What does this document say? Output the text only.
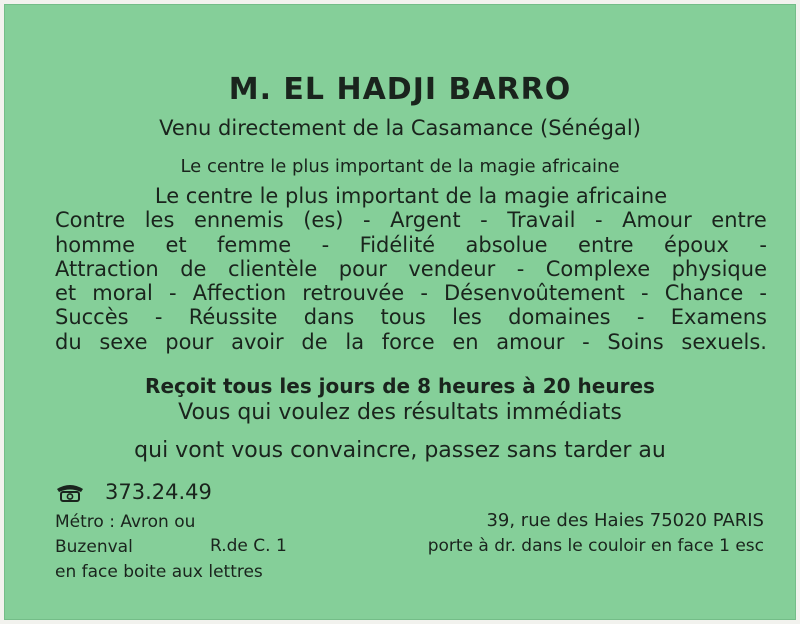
M. EL HADJI BARRO
Venu directement de la Casamance (Sénégal)
Le centre le plus important de la magie africaine
Le centre le plus important de la magie africaine
Contre les ennemis (es) - Argent - Travail - Amour entre
homme et femme - Fidélité absolue entre époux -
Attraction de clientèle pour vendeur - Complexe physique
et moral - Affection retrouvée - Désenvoûtement - Chance -
Succès - Réussite dans tous les domaines - Examens
du sexe pour avoir de la force en amour - Soins sexuels.
Reçoit tous les jours de 8 heures à 20 heures
Vous qui voulez des résultats immédiats
qui vont vous convaincre, passez sans tarder au
373.24.49
Métro : Avron ou
Buzenval
en face boite aux lettres
39, rue des Haies 75020 PARIS
R.de C. 1	porte à dr. dans le couloir en face 1 esc
